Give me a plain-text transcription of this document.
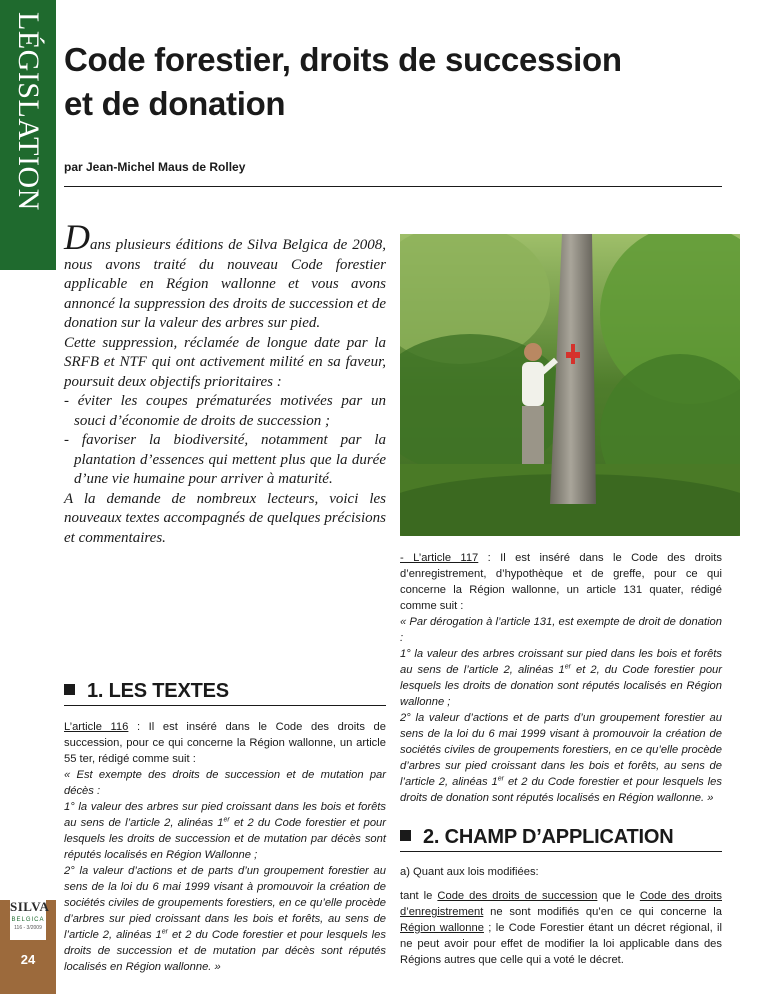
LÉGISLATION
24
SILVA
BELGICA
116 - 3/2009
Code forestier, droits de succession
et de donation
par Jean-Michel Maus de Rolley

Dans plusieurs éditions de Silva Belgica de 2008, nous avons traité du nouveau Code forestier applicable en Région wallonne et vous avons annoncé la suppression des droits de succession et de donation sur la valeur des arbres sur pied.

Cette suppression, réclamée de longue date par la SRFB et NTF qui ont activement milité en sa faveur, poursuit deux objectifs prioritaires :

- éviter les coupes prématurées motivées par un souci d’économie de droits de succession ;

- favoriser la biodiversité, notamment par la plantation d’essences qui mettent plus que la durée d’une vie humaine pour arriver à maturité.

A la demande de nombreux lecteurs, voici les nouveaux textes accompagnés de quelques précisions et commentaires.

1. LES TEXTES

L’article 116 : Il est inséré dans le Code des droits de succession, pour ce qui concerne la Région wallonne, un article 55 ter, rédigé comme suit :

« Est exempte des droits de succession et de mutation par décès :

1° la valeur des arbres sur pied croissant dans les bois et forêts au sens de l’article 2, alinéas 1er et 2 du Code forestier et pour lesquels les droits de succession et de mutation par décès sont réputés localisés en Région Wallonne ;

2° la valeur d’actions et de parts d’un groupement forestier au sens de la loi du 6 mai 1999 visant à promouvoir la création de sociétés civiles de groupements forestiers, en ce qu’elle procède d’arbres sur pied croissant dans les bois et forêts, au sens de l’article 2, alinéas 1er et 2 du Code forestier et pour lesquels les droits de succession et de mutation par décès sont réputés localisés en Région wallonne. »

- L’article 117 : Il est inséré dans le Code des droits d’enregistrement, d’hypothèque et de greffe, pour ce qui concerne la Région wallonne, un article 131 quater, rédigé comme suit :

« Par dérogation à l’article 131, est exempte de droit de donation :

1° la valeur des arbres croissant sur pied dans les bois et forêts au sens de l’article 2, alinéas 1er et 2, du Code forestier pour lesquels les droits de donation sont réputés localisés en Région wallonne ;

2° la valeur d’actions et de parts d’un groupement forestier au sens de la loi du 6 mai 1999 visant à promouvoir la création de sociétés civiles de groupements forestiers, en ce qu’elle procède d’arbres sur pied croissant dans les bois et forêts, au sens de l’article 2, alinéas 1er et 2 du Code forestier et pour lesquels les droits de donation sont réputés localisés en Région wallonne. »

2. CHAMP D’APPLICATION

a) Quant aux lois modifiées:

tant le Code des droits de succession que le Code des droits d’enregistrement ne sont modifiés qu’en ce qui concerne la Région wallonne ; le Code Forestier étant un décret régional, il ne peut avoir pour effet de modifier la loi applicable dans des Régions autres que celle qui a voté le décret.
